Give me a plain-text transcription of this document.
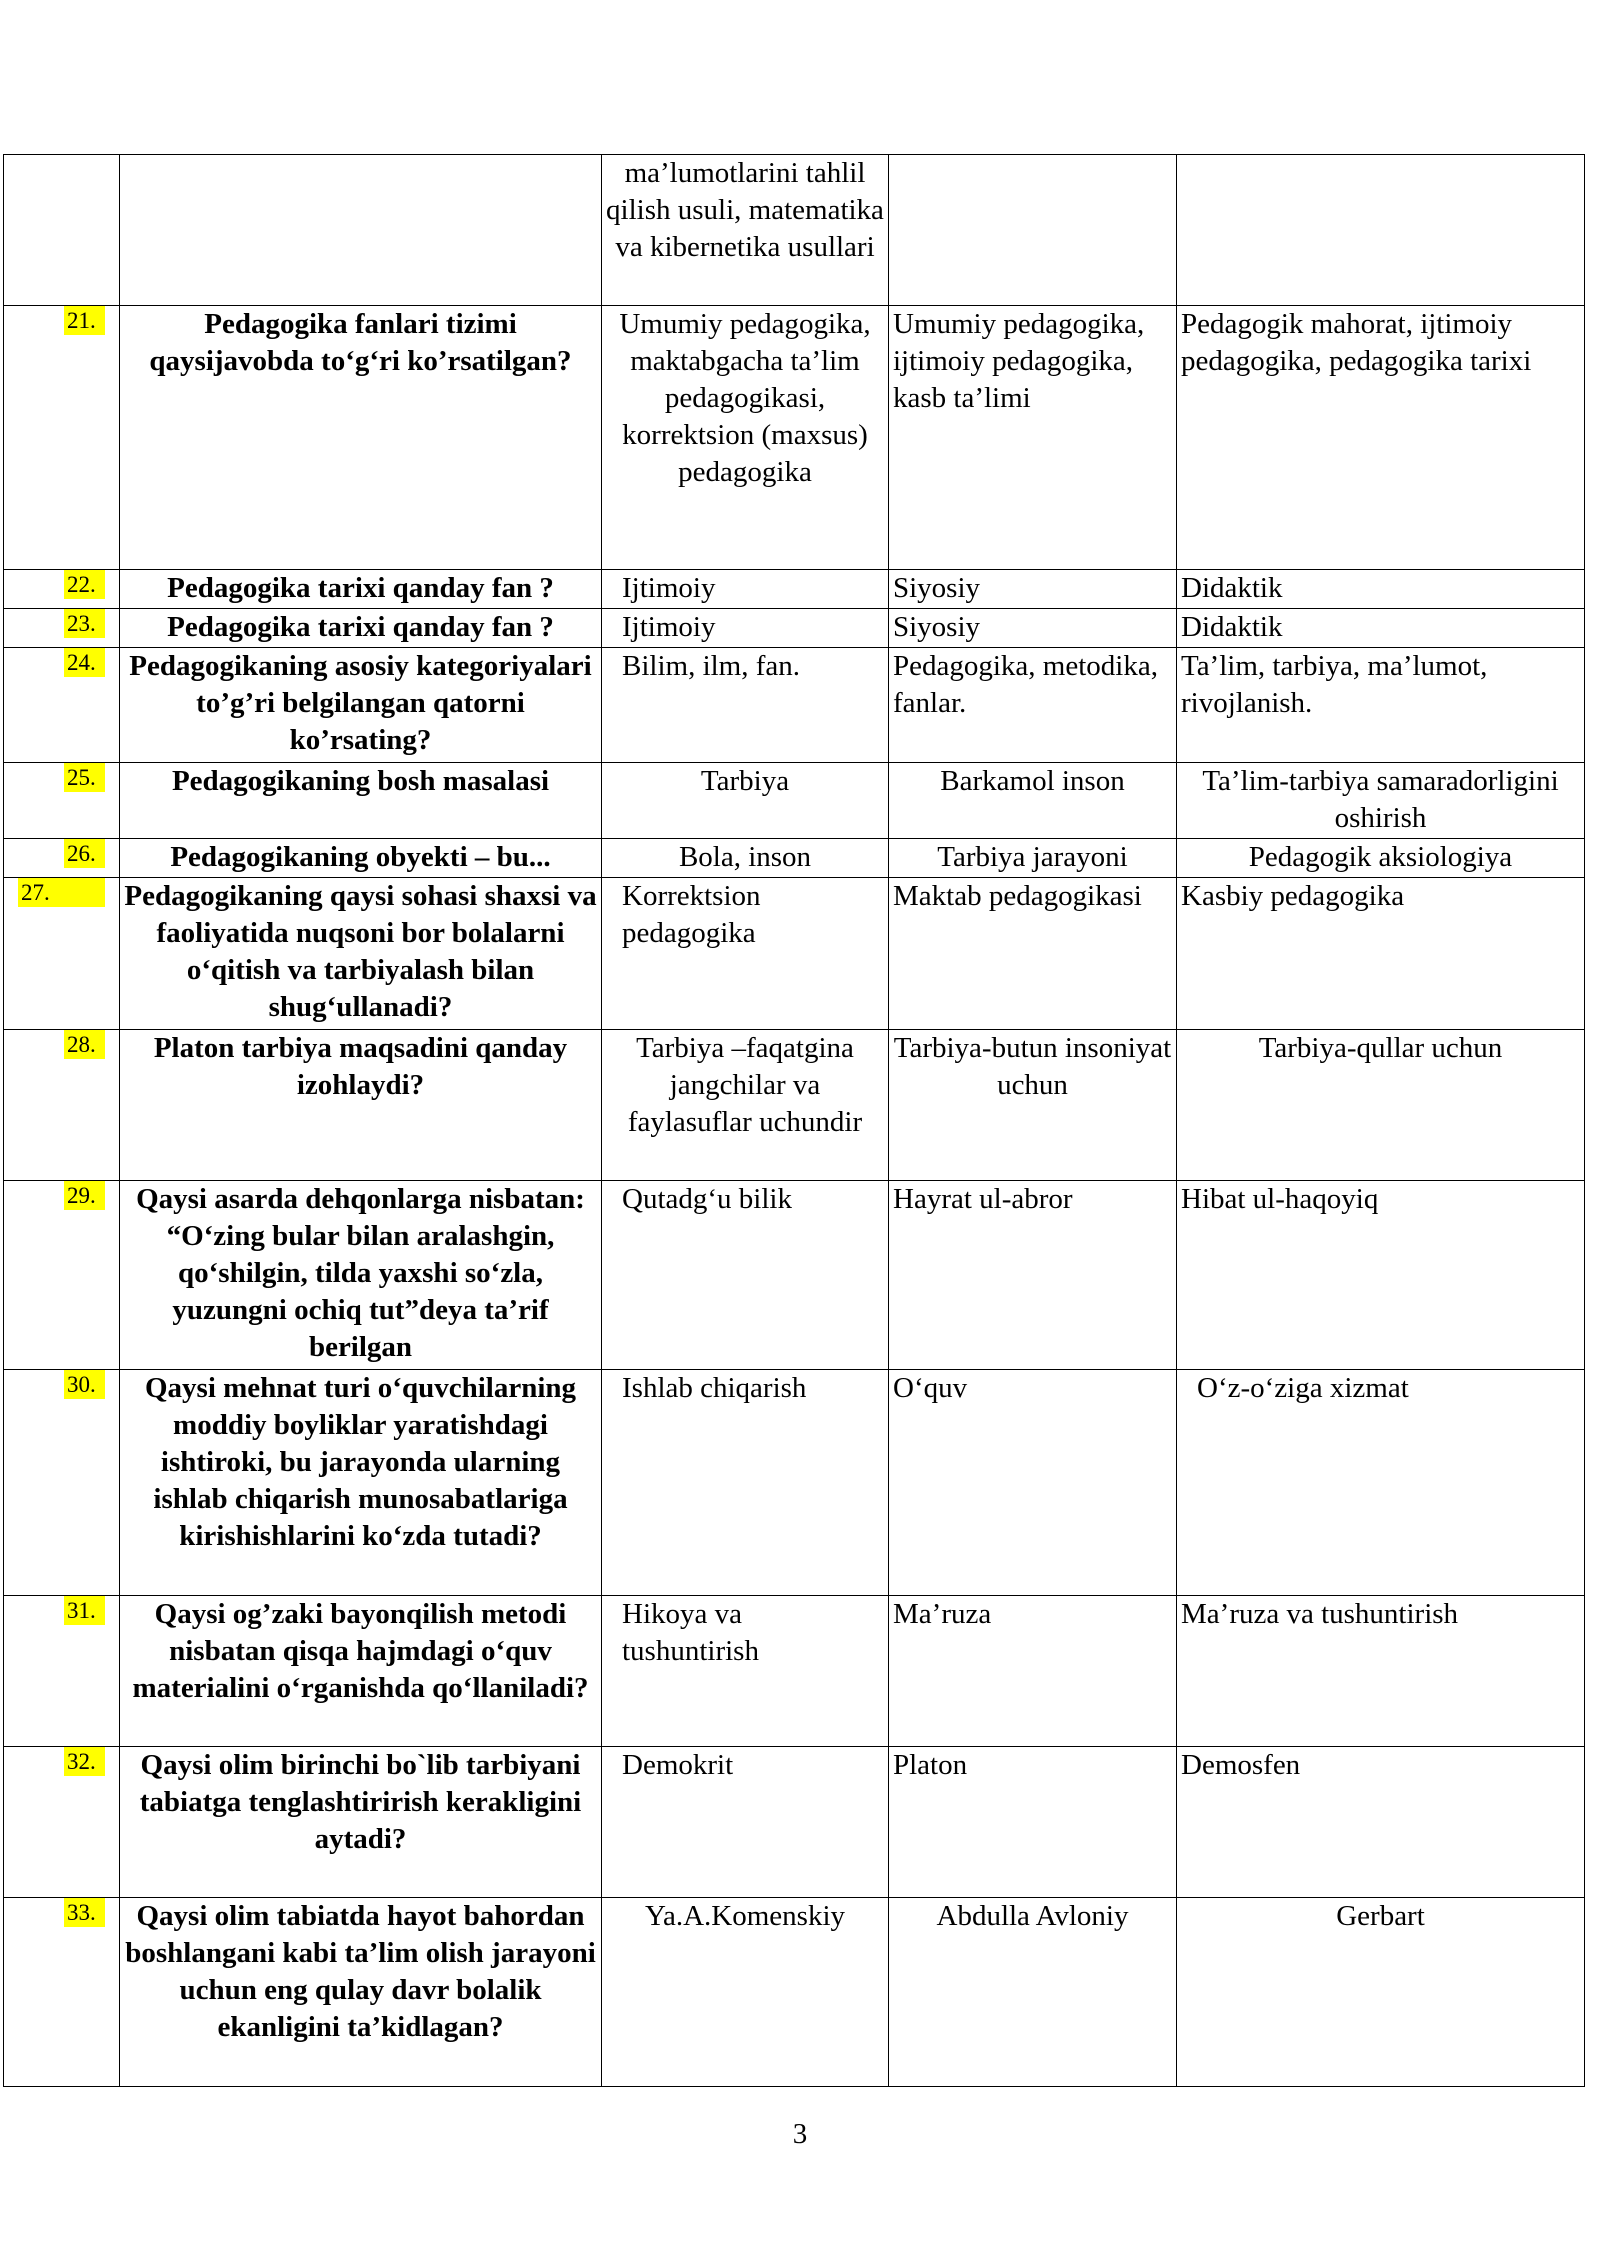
		ma’lumotlarini tahlil qilish usuli, matematika va kibernetika usullari		

21.	Pedagogika fanlari tizimi qaysijavobda to‘g‘ri ko’rsatilgan?	Umumiy pedagogika, maktabgacha ta’lim pedagogikasi, korrektsion (maxsus) pedagogika	Umumiy pedagogika, ijtimoiy pedagogika, kasb ta’limi	Pedagogik mahorat, ijtimoiy pedagogika, pedagogika tarixi

22.	Pedagogika tarixi qanday fan ?	Ijtimoiy	Siyosiy	Didaktik

23.	Pedagogika tarixi qanday fan ?	Ijtimoiy	Siyosiy	Didaktik

24.	Pedagogikaning asosiy kategoriyalari to’g’ri belgilangan qatorni ko’rsating?	Bilim, ilm, fan.	Pedagogika, metodika, fanlar.	Ta’lim, tarbiya, ma’lumot, rivojlanish.

25.	Pedagogikaning bosh masalasi	Tarbiya	Barkamol inson	Ta’lim-tarbiya samaradorligini oshirish

26.	Pedagogikaning obyekti – bu...	Bola, inson	Tarbiya jarayoni	Pedagogik aksiologiya

27.	Pedagogikaning qaysi sohasi shaxsi va faoliyatida nuqsoni bor bolalarni o‘qitish va tarbiyalash bilan shug‘ullanadi?	Korrektsion pedagogika	Maktab pedagogikasi	Kasbiy pedagogika

28.	Platon tarbiya maqsadini qanday izohlaydi?	Tarbiya –faqatgina jangchilar va faylasuflar uchundir	Tarbiya-butun insoniyat uchun	Tarbiya-qullar uchun

29.	Qaysi asarda dehqonlarga nisbatan: “O‘zing bular bilan aralashgin, qo‘shilgin, tilda yaxshi so‘zla, yuzungni ochiq tut”deya ta’rif berilgan	Qutadg‘u bilik	Hayrat ul-abror	Hibat ul-haqoyiq

30.	Qaysi mehnat turi o‘quvchilarning moddiy boyliklar yaratishdagi ishtiroki, bu jarayonda ularning ishlab chiqarish munosabatlariga kirishishlarini ko‘zda tutadi?	Ishlab chiqarish	O‘quv	O‘z-o‘ziga xizmat

31.	Qaysi og’zaki bayonqilish metodi nisbatan qisqa hajmdagi o‘quv materialini o‘rganishda qo‘llaniladi?	Hikoya va tushuntirish	Ma’ruza	Ma’ruza va tushuntirish

32.	Qaysi olim birinchi bo`lib tarbiyani tabiatga tenglashtirirish kerakligini aytadi?	Demokrit	Platon	Demosfen

33.	Qaysi olim tabiatda hayot bahordan boshlangani kabi ta’lim olish jarayoni uchun eng qulay davr bolalik ekanligini ta’kidlagan?	Ya.A.Komenskiy	Abdulla Avloniy	Gerbart
3
